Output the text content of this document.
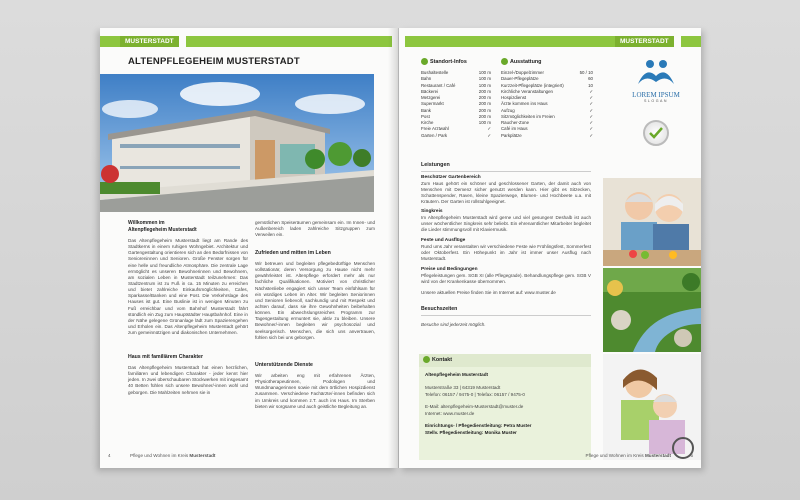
MUSTERSTADT
ALTENPFLEGEHEIM MUSTERSTADT
Willkommen im
Altenpflegeheim Musterstadt
Das Altenpflegeheim Musterstadt liegt am Rande des Stadtkerns in einem ruhigen Wohngebiet. Architektur und Gartengestaltung orientieren sich an den Bedürfnissen von Senioreninnen und Senioren. Große Fenster sorgen für eine helle und freundliche Atmosphäre. Die zentrale Lage ermöglicht es unseren Bewohnerinnen und Bewohnern, am sozialen Leben in Musterstadt teilzunehmen: Das Stadtzentrum ist zu Fuß in ca. 15 Minuten zu erreichen und bietet zahlreiche Einkaufsmöglichkeiten, Cafes, Sparkasse/Banken und eine Post. Die Verkehrslage des Hauses ist gut. Eine Buslinie ist in wenigen Minuten zu Fuß erreichbar und vom Bahnhof Musterstadt fährt stündlich ein Zug zum Hauptstädter Hauptbahnhof. Eine in der Nähe gelegene Grünanlage lädt zum Spazierengehen und Erholen ein. Das Altenpflegeheim Musterstadt gehört zum gemeinnützigen und diakonischen Unternehmen.
Haus mit familiärem Charakter
Das Altenpflegeheim Musterstadt hat einen herzlichen, familiären und lebendigen Charakter - jeder kennt hier jeden. In zwei überschaubaren Stockwerken mit insgesamt 40 Betten fühlen sich unsere Bewohner/-innen wohl und geborgen. Die Mahlzeiten nehmen sie in
gemütlichen Speiseräumen gemeinsam ein. Im Innen- und Außenbereich laden zahlreiche Sitzgruppen zum Verweilen ein.
Zufrieden und mitten im Leben
Wir betreuen und begleiten pflegebedürftige Menschen vollstationär, deren Versorgung zu Hause nicht mehr gewährleistet ist. Altenpflege erfordert mehr als nur fachliche Qualifikationen. Motiviert von christlicher Nächstenliebe engagiert sich unser Team einfühlsam für ein würdiges Leben im Alter. Wir begleiten Seniorinnen und Senioren liebevoll, sachkundig und mit Respekt und achten darauf, dass sie ihre Gewohnheiten beibehalten können. Ein abwechslungsreiches Programm zur Tagesgestaltung ermuntert sie, aktiv zu bleiben. Unsere Bewohner/-innen begleiten wir psychosozial und seelsorgerisch. Menschen, die sich uns anvertrauen, fühlen sich bei uns geborgen.
Unterstützende Dienste
Wir arbeiten eng mit erfahrenen Ärzten, Physiotherapeutinnen, Podologen und Wundmanagerinnen sowie mit dem örtlichen Hospizdienst zusammen. Verschiedene Fachärzte/-innen befinden sich im Umkreis und kommen z.T. auch ins Haus. Im Sterben bieten wir sorgsame und auch geistliche Begleitung an.
4	Pflege und Wohnen im Kreis Musterstadt
MUSTERSTADT
Standort-Infos
Bushaltestelle	100 m
Bahn	100 m
Restaurant / Café	100 m
Bäckerei	200 m
Metzgerei	200 m
Supermarkt	200 m
Bank	200 m
Post	200 m
Kirche	100 m
Freie Arztwahl	✓
Garten / Park	✓
Ausstattung
Einzel-/Doppelzimmer	50 / 10
Dauer-Pflegeplätze	60
Kurzzeit-Pflegeplätze (integriert)	10
Kirchliche Veranstaltungen	✓
Hospizdienst	✓
Ärzte kommen ins Haus	✓
Aufzug	✓
Sitzmöglichkeiten im Freien	✓
Raucher-Zone	✓
Café im Haus	✓
Parkplätze	✓
LOREM IPSUM
SLOGAN
Leistungen
Beschützer Gartenbereich
Zum Haus gehört ein schöner und geschlossener Garten, der damit auch von Menschen mit Demenz sicher genutzt werden kann. Hier gibt es Sitzecken, Schattenspender, Raven, kleine Spazierwege, Blumen- und Hochbeete u.a. mit Kräutern. Der Garten ist rollstuhlgeeignet.
Singkreis
Im Altenpflegeheim Musterstadt wird gerne und viel gesungen! Deshalb ist auch unser wöchentlicher Singkreis sehr beliebt. Ein ehrenamtlicher Mitarbeiter begleitet die Lieder stimmungsvoll mit Klaviermusik.
Feste und Ausflüge
Rund ums Jahr veranstalten wir verschiedene Feste wie Frühlingsfest, Sommerfest oder Oktoberfest. Ein Höhepunkt im Jahr ist immer unser Ausflug nach Musterstadt.
Preise und Bedingungen
Pflegeleistungen gem. SGB XI (alle Pflegegrade). Behandlungspflege gem. SGB V wird von der Krankenkasse übernommen.
Unsere aktuellen Preise finden Sie im Internet auf: www.muster.de
Besuchszeiten
Besuche sind jederzeit möglich.
Kontakt
Altenpflegeheim Musterstadt
Musterstraße 33 | 64319 Musterstadt
Telefon: 06157 / 9475-0 | Telefax: 06157 / 9475-0
E-Mail: altenpflegeheim-Musterstadt@muster.de
Internet: www.muster.de
Einrichtungs- / Pflegedienstleitung: Petra Muster
Stellv. Pflegedienstleitung: Monika Muster
Pflege und Wohnen im Kreis Musterstadt	5
